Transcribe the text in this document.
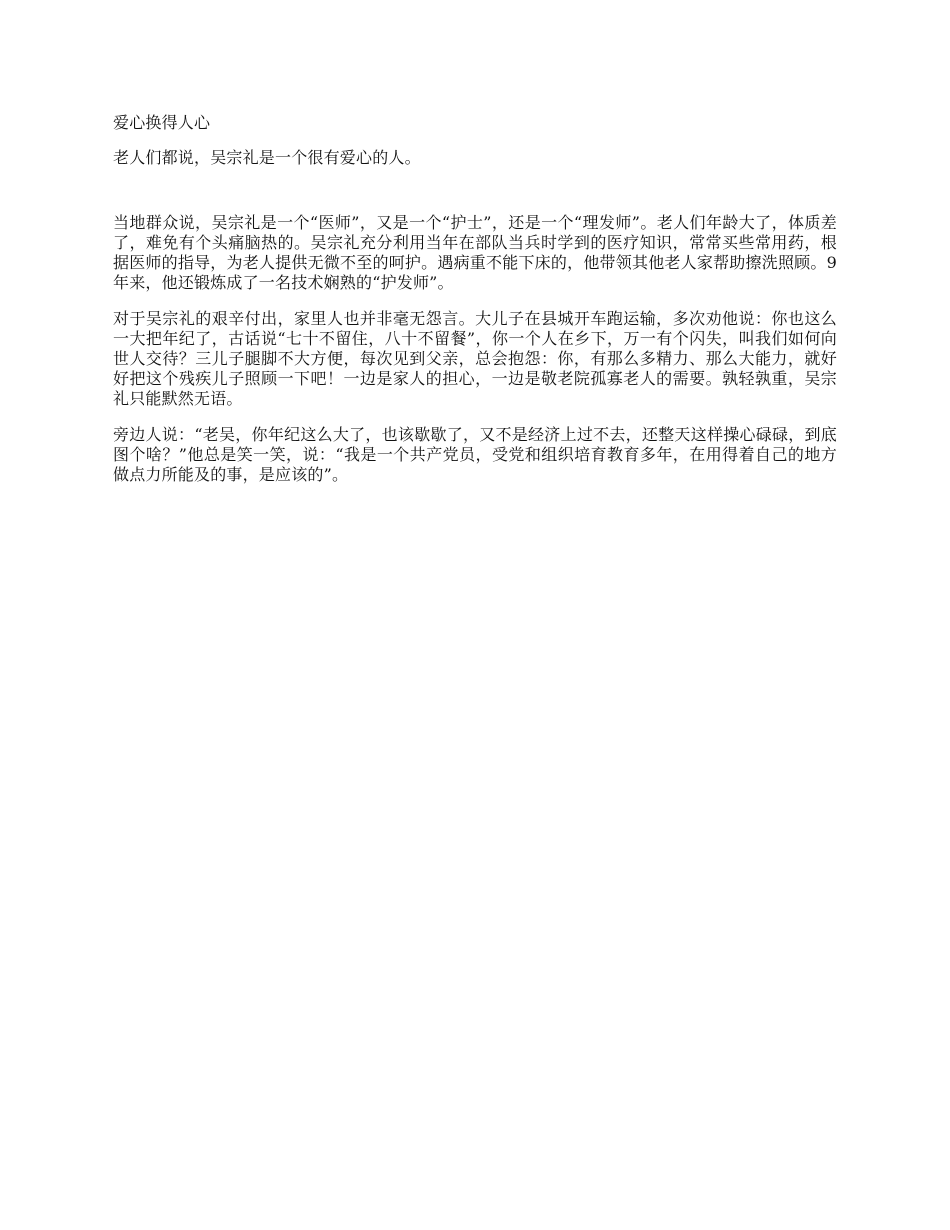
爱心换得人心

老人们都说，吴宗礼是一个很有爱心的人。

当地群众说，吴宗礼是一个“医师”，又是一个“护士”，还是一个“理发师”。老人们年龄大了，体质差了，难免有个头痛脑热的。吴宗礼充分利用当年在部队当兵时学到的医疗知识，常常买些常用药，根据医师的指导，为老人提供无微不至的呵护。遇病重不能下床的，他带领其他老人家帮助擦洗照顾。9 年来，他还锻炼成了一名技术娴熟的“护发师”。

对于吴宗礼的艰辛付出，家里人也并非毫无怨言。大儿子在县城开车跑运输，多次劝他说：你也这么一大把年纪了，古话说“七十不留住，八十不留餐”，你一个人在乡下，万一有个闪失，叫我们如何向世人交待？三儿子腿脚不大方便，每次见到父亲，总会抱怨：你，有那么多精力、那么大能力，就好好把这个残疾儿子照顾一下吧！一边是家人的担心，一边是敬老院孤寡老人的需要。孰轻孰重，吴宗礼只能默然无语。

旁边人说：“老吴，你年纪这么大了，也该歇歇了，又不是经济上过不去，还整天这样操心碌碌，到底图个啥？”他总是笑一笑，说：“我是一个共产党员，受党和组织培育教育多年，在用得着自己的地方做点力所能及的事，是应该的”。
